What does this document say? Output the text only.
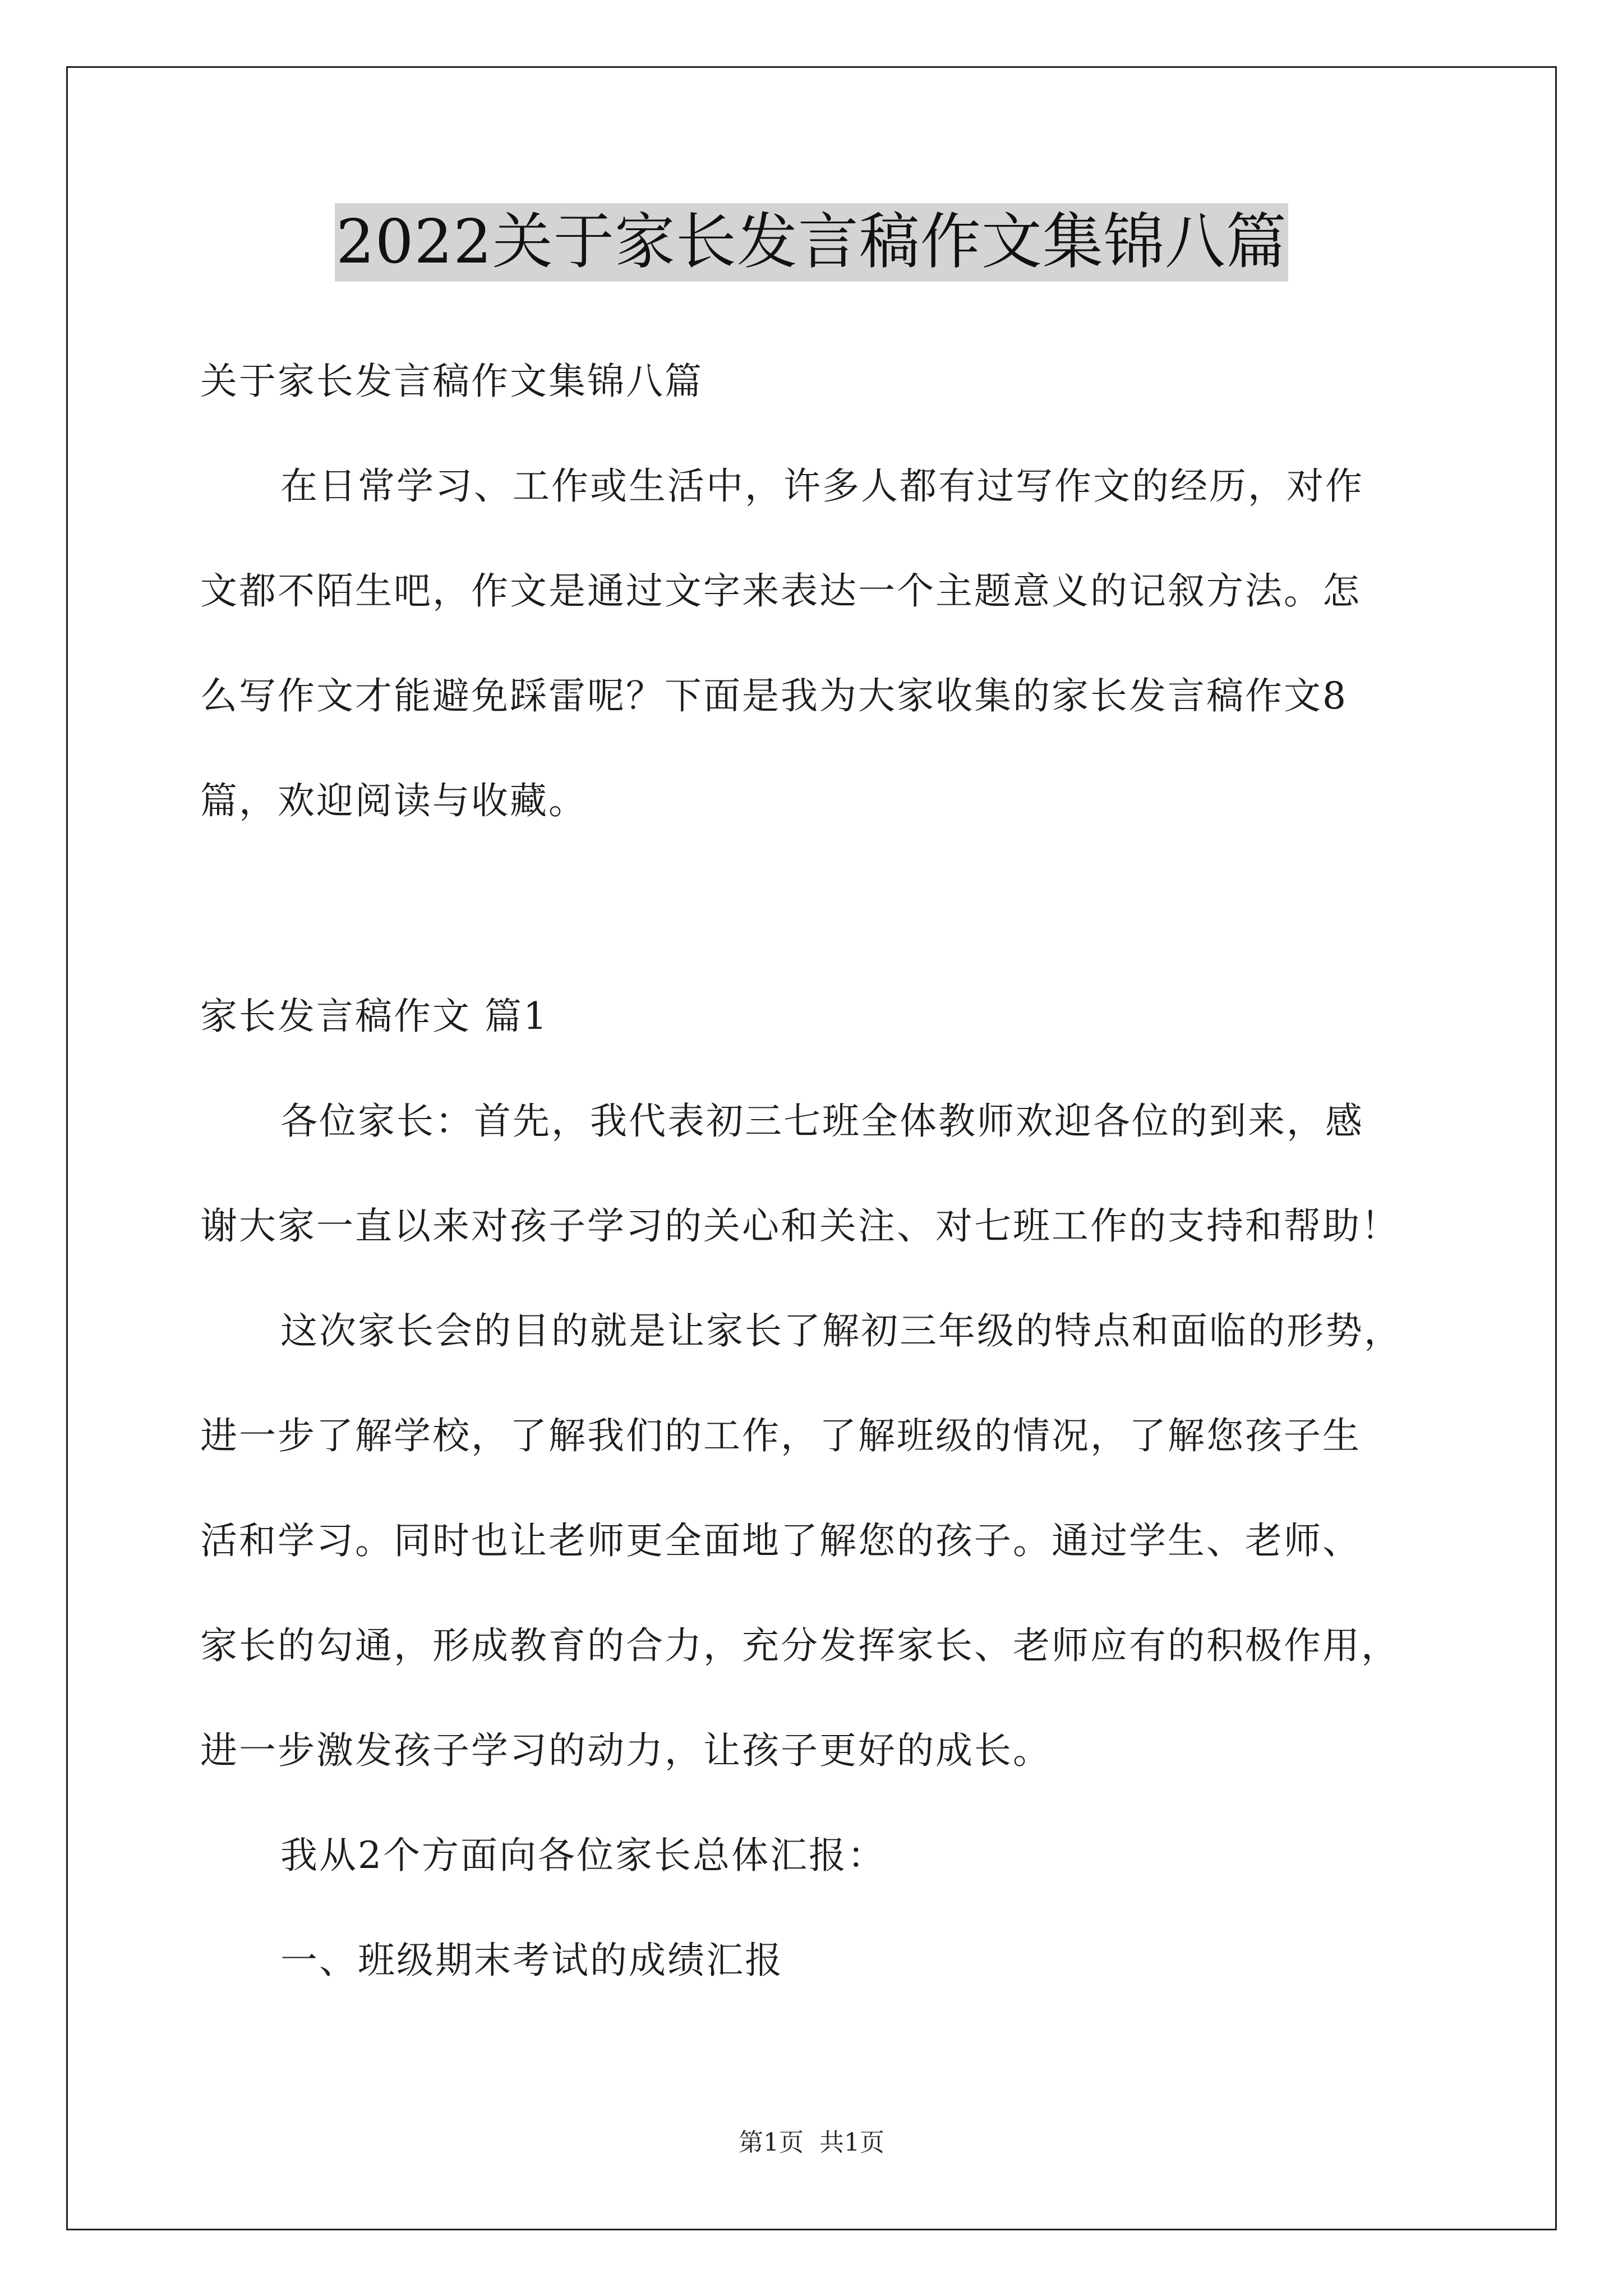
2022关于家长发言稿作文集锦八篇
关于家长发言稿作文集锦八篇
在日常学习、工作或生活中，许多人都有过写作文的经历，对作
文都不陌生吧，作文是通过文字来表达一个主题意义的记叙方法。怎
么写作文才能避免踩雷呢？下面是我为大家收集的家长发言稿作文8
篇，欢迎阅读与收藏。
家长发言稿作文 篇1
各位家长：首先，我代表初三七班全体教师欢迎各位的到来，感
谢大家一直以来对孩子学习的关心和关注、对七班工作的支持和帮助！
这次家长会的目的就是让家长了解初三年级的特点和面临的形势，
进一步了解学校，了解我们的工作，了解班级的情况，了解您孩子生
活和学习。同时也让老师更全面地了解您的孩子。通过学生、老师、
家长的勾通，形成教育的合力，充分发挥家长、老师应有的积极作用，
进一步激发孩子学习的动力，让孩子更好的成长。
我从2个方面向各位家长总体汇报：
一、班级期末考试的成绩汇报
第1页 共1页
